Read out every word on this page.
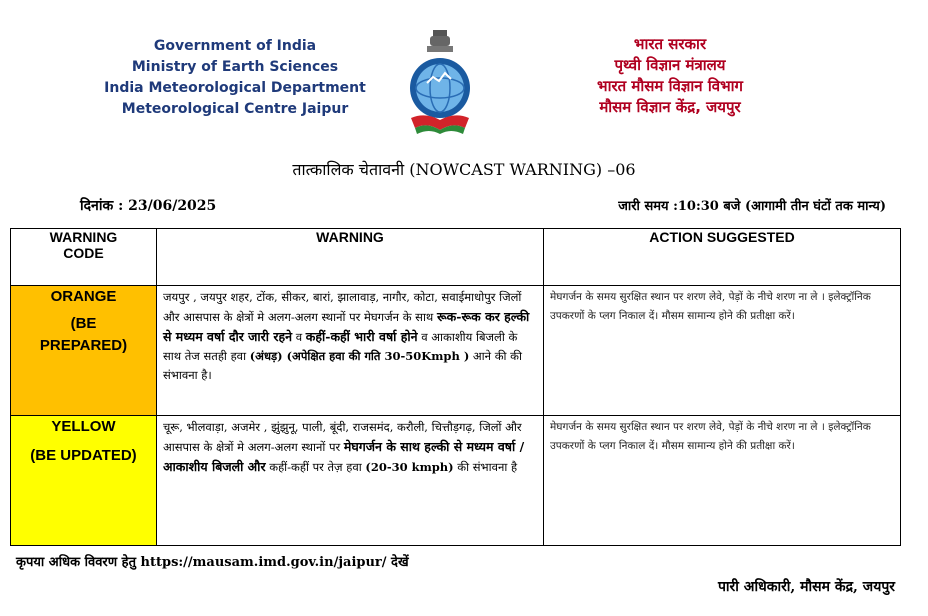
Government of India
Ministry of Earth Sciences
India Meteorological Department
Meteorological Centre Jaipur
भारत सरकार
पृथ्वी विज्ञान मंत्रालय
भारत मौसम विज्ञान विभाग
मौसम विज्ञान केंद्र, जयपुर
तात्कालिक चेतावनी (NOWCAST WARNING) –06
दिनांक : 23/06/2025	जारी समय :10:30 बजे (आगामी तीन घंटों तक मान्य)
WARNING CODE	WARNING	ACTION SUGGESTED

ORANGE
(BE PREPARED)	जयपुर , जयपुर शहर, टोंक, सीकर, बारां, झालावाड़, नागौर, कोटा, सवाईमाधोपुर जिलों और आसपास के क्षेत्रों मे अलग-अलग स्थानों पर मेघगर्जन के साथ रूक-रूक कर हल्की से मध्यम वर्षा दौर जारी रहने व कहीं-कहीं भारी वर्षा होने व आकाशीय बिजली के साथ तेज सतही हवा (अंधड़) (अपेक्षित हवा की गति 30-50Kmph ) आने की की संभावना है।	मेघगर्जन के समय सुरक्षित स्थान पर शरण लेवे, पेड़ों के नीचे शरण ना ले । इलेक्ट्रॉनिक उपकरणों के प्लग निकाल दें। मौसम सामान्य होने की प्रतीक्षा करें।

YELLOW
(BE UPDATED)	चूरू, भीलवाड़ा, अजमेर , झुंझुनू, पाली, बूंदी, राजसमंद, करौली, चित्तौड़गढ़, जिलों और आसपास के क्षेत्रों मे अलग-अलग स्थानों पर मेघगर्जन के साथ हल्की से मध्यम वर्षा /आकाशीय बिजली और कहीं-कहीं पर तेज़ हवा (20-30 kmph) की संभावना है	मेघगर्जन के समय सुरक्षित स्थान पर शरण लेवे, पेड़ों के नीचे शरण ना ले । इलेक्ट्रॉनिक उपकरणों के प्लग निकाल दें। मौसम सामान्य होने की प्रतीक्षा करें।
कृपया अधिक विवरण हेतु https://mausam.imd.gov.in/jaipur/ देखें
पारी अधिकारी, मौसम केंद्र, जयपुर
